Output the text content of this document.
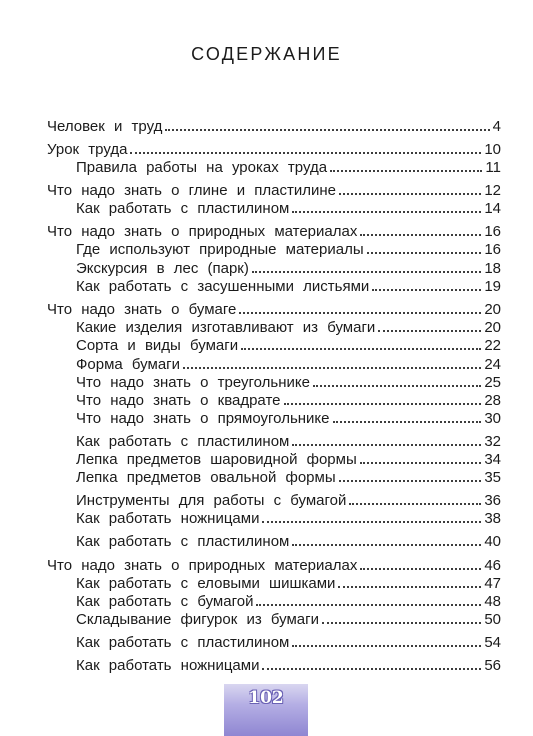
СОДЕРЖАНИЕ
Человек и труд	4
Урок труда	10
Правила работы на уроках труда	11
Что надо знать о глине и пластилине	12
Как работать с пластилином	14
Что надо знать о природных материалах	16
Где используют природные материалы	16
Экскурсия в лес (парк)	18
Как работать с засушенными листьями	19
Что надо знать о бумаге	20
Какие изделия изготавливают из бумаги	20
Сорта и виды бумаги	22
Форма бумаги	24
Что надо знать о треугольнике	25
Что надо знать о квадрате	28
Что надо знать о прямоугольнике	30
Как работать с пластилином	32
Лепка предметов шаровидной формы	34
Лепка предметов овальной формы	35
Инструменты для работы с бумагой	36
Как работать ножницами	38
Как работать с пластилином	40
Что надо знать о природных материалах	46
Как работать с еловыми шишками	47
Как работать с бумагой	48
Складывание фигурок из бумаги	50
Как работать с пластилином	54
Как работать ножницами	56
102
